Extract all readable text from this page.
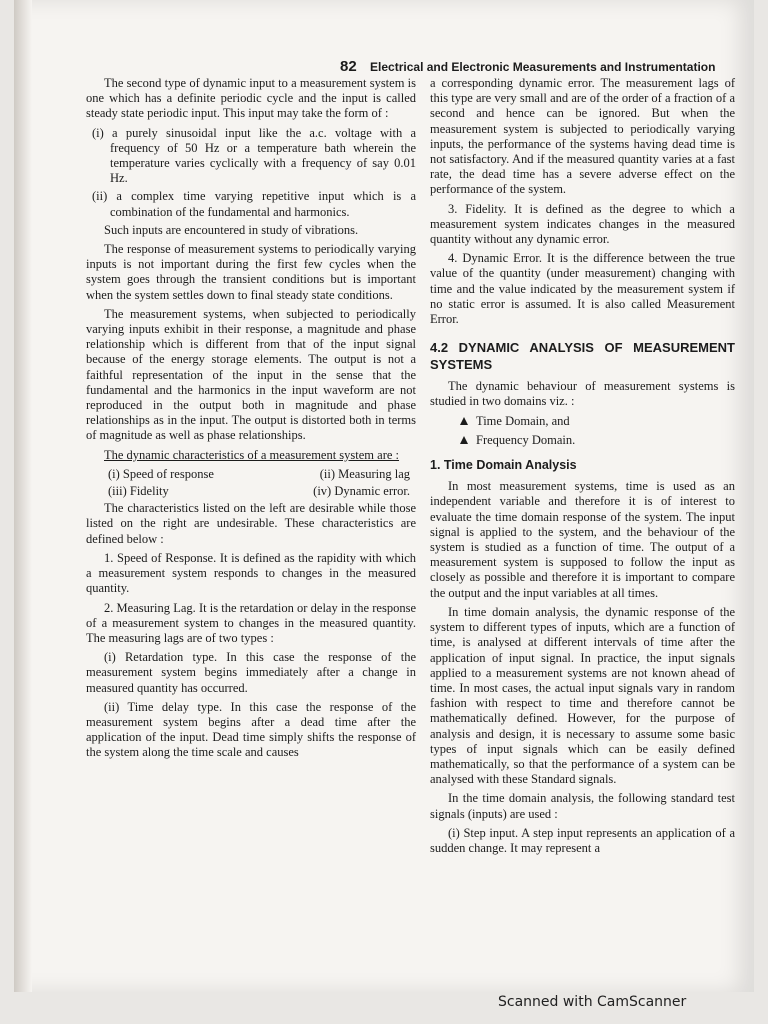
82 Electrical and Electronic Measurements and Instrumentation

The second type of dynamic input to a measurement system is one which has a definite periodic cycle and the input is called steady state periodic input. This input may take the form of :

(i) a purely sinusoidal input like the a.c. voltage with a frequency of 50 Hz or a temperature bath wherein the temperature varies cyclically with a frequency of say 0.01 Hz.

(ii) a complex time varying repetitive input which is a combination of the fundamental and harmonics.

Such inputs are encountered in study of vibrations.

The response of measurement systems to periodically varying inputs is not important during the first few cycles when the system goes through the transient conditions but is important when the system settles down to final steady state conditions.

The measurement systems, when subjected to periodically varying inputs exhibit in their response, a magnitude and phase relationship which is different from that of the input signal because of the energy storage elements. The output is not a faithful representation of the input in the sense that the fundamental and the harmonics in the input waveform are not reproduced in the output both in magnitude and phase relationships as in the input. The output is distorted both in terms of magnitude as well as phase relationships.

The dynamic characteristics of a measurement system are :

(i) Speed of response	(ii) Measuring lag
(iii) Fidelity	(iv) Dynamic error.

The characteristics listed on the left are desirable while those listed on the right are undesirable. These characteristics are defined below :

1. Speed of Response. It is defined as the rapidity with which a measurement system responds to changes in the measured quantity.

2. Measuring Lag. It is the retardation or delay in the response of a measurement system to changes in the measured quantity. The measuring lags are of two types :

(i) Retardation type. In this case the response of the measurement system begins immediately after a change in measured quantity has occurred.

(ii) Time delay type. In this case the response of the measurement system begins after a dead time after the application of the input. Dead time simply shifts the response of the system along the time scale and causes

a corresponding dynamic error. The measurement lags of this type are very small and are of the order of a fraction of a second and hence can be ignored. But when the measurement system is subjected to periodically varying inputs, the performance of the systems having dead time is not satisfactory. And if the measured quantity varies at a fast rate, the dead time has a severe adverse effect on the performance of the system.

3. Fidelity. It is defined as the degree to which a measurement system indicates changes in the measured quantity without any dynamic error.

4. Dynamic Error. It is the difference between the true value of the quantity (under measurement) changing with time and the value indicated by the measurement system if no static error is assumed. It is also called Measurement Error.

4.2 DYNAMIC ANALYSIS OF MEASUREMENT SYSTEMS

The dynamic behaviour of measurement systems is studied in two domains viz. :

Time Domain, and
Frequency Domain.
1. Time Domain Analysis

In most measurement systems, time is used as an independent variable and therefore it is of interest to evaluate the time domain response of the system. The input signal is applied to the system, and the behaviour of the system is studied as a function of time. The output of a measurement system is supposed to follow the input as closely as possible and therefore it is important to compare the output and the input variables at all times.

In time domain analysis, the dynamic response of the system to different types of inputs, which are a function of time, is analysed at different intervals of time after the application of input signal. In practice, the input signals applied to a measurement systems are not known ahead of time. In most cases, the actual input signals vary in random fashion with respect to time and therefore cannot be mathematically defined. However, for the purpose of analysis and design, it is necessary to assume some basic types of input signals which can be easily defined mathematically, so that the performance of a system can be analysed with these Standard signals.

In the time domain analysis, the following standard test signals (inputs) are used :

(i) Step input. A step input represents an application of a sudden change. It may represent a

Scanned with CamScanner
